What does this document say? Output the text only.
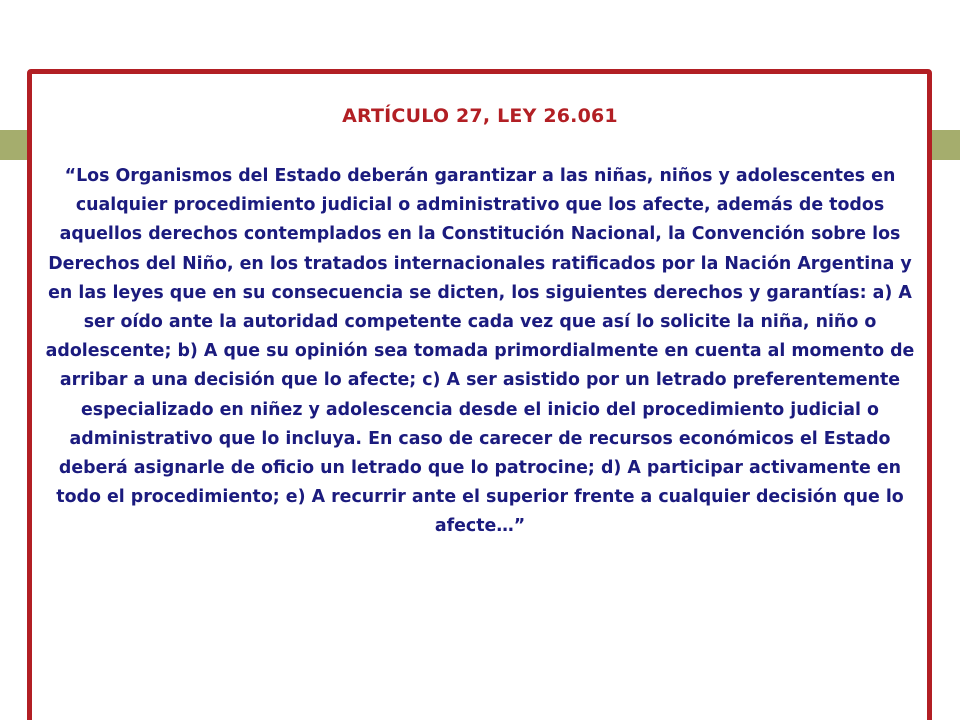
ARTÍCULO 27, LEY 26.061

“Los Organismos del Estado deberán garantizar a las niñas, niños y adolescentes en cualquier procedimiento judicial o administrativo que los afecte, además de todos aquellos derechos contemplados en la Constitución Nacional, la Convención sobre los Derechos del Niño, en los tratados internacionales ratificados por la Nación Argentina y en las leyes que en su consecuencia se dicten, los siguientes derechos y garantías: a) A ser oído ante la autoridad competente cada vez que así lo solicite la niña, niño o adolescente; b) A que su opinión sea tomada primordialmente en cuenta al momento de arribar a una decisión que lo afecte; c) A ser asistido por un letrado preferentemente especializado en niñez y adolescencia desde el inicio del procedimiento judicial o administrativo que lo incluya. En caso de carecer de recursos económicos el Estado deberá asignarle de oficio un letrado que lo patrocine; d) A participar activamente en todo el procedimiento; e) A recurrir ante el superior frente a cualquier decisión que lo afecte…”
